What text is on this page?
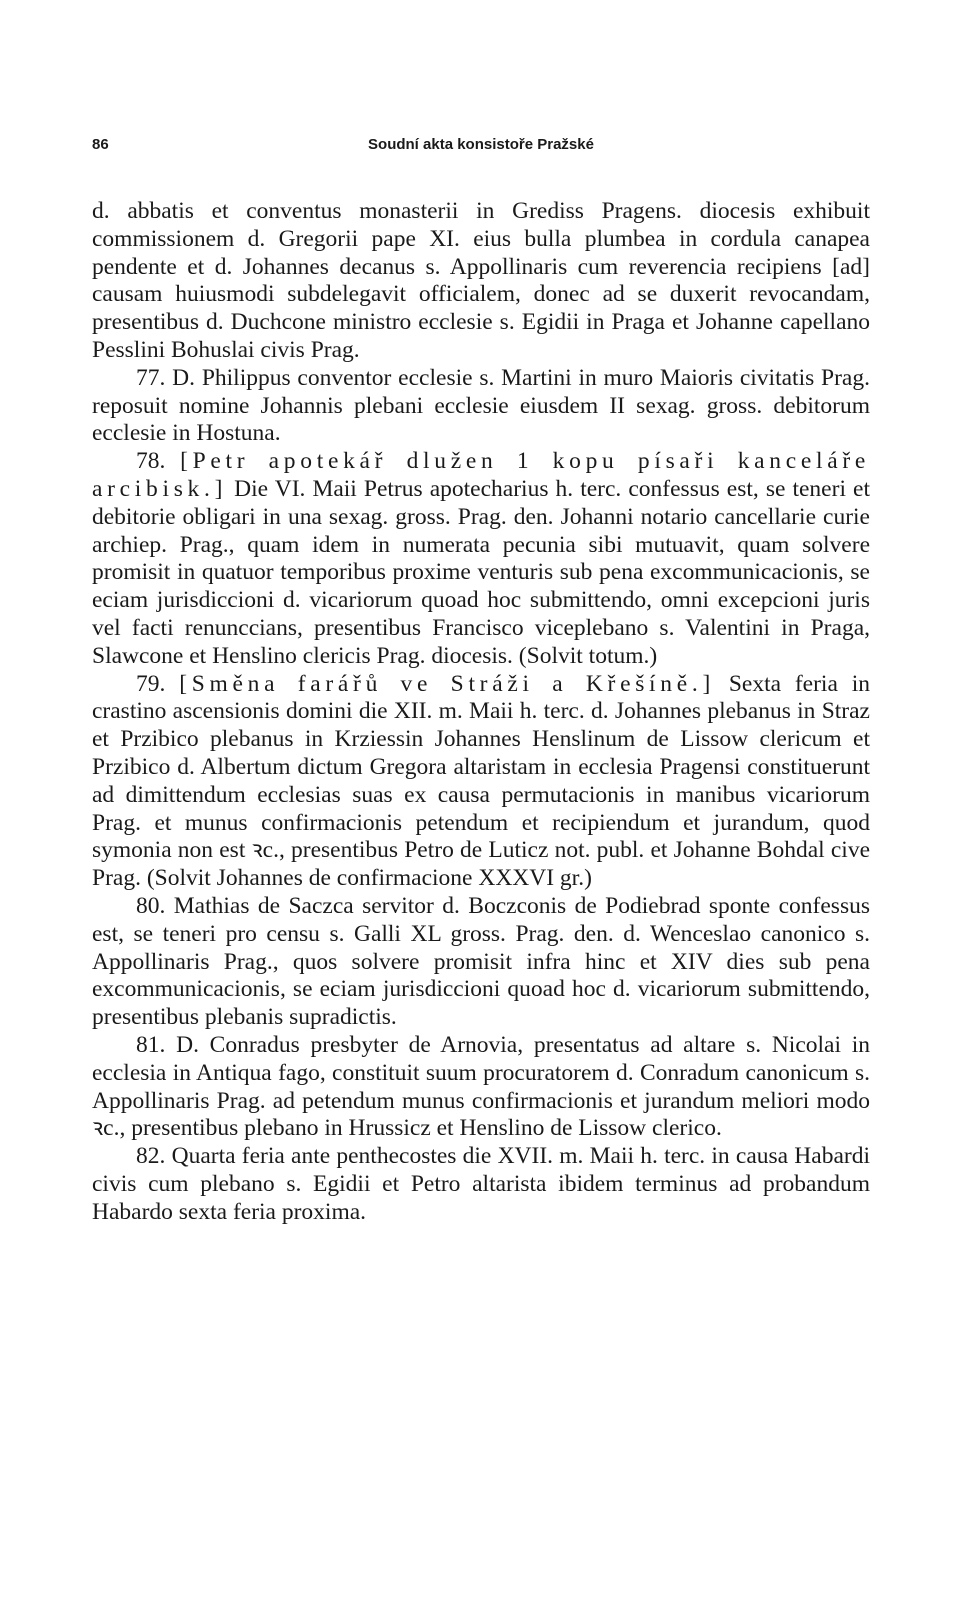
86	Soudní akta konsistoře Pražské

d. abbatis et conventus monasterii in Grediss Pragens. diocesis exhibuit commissionem d. Gregorii pape XI. eius bulla plumbea in cordula canapea pendente et d. Johannes decanus s. Appollinaris cum reverencia recipiens [ad] causam huiusmodi subdelegavit officialem, donec ad se duxerit revocandam, presentibus d. Duchcone ministro ecclesie s. Egidii in Praga et Johanne capellano Pesslini Bohuslai civis Prag.

77. D. Philippus conventor ecclesie s. Martini in muro Maioris civitatis Prag. reposuit nomine Johannis plebani ecclesie eiusdem II sexag. gross. debitorum ecclesie in Hostuna.

78. [Petr apotekář dlužen 1 kopu písaři kanceláře arcibisk.] Die VI. Maii Petrus apotecharius h. terc. confessus est, se teneri et debitorie obligari in una sexag. gross. Prag. den. Johanni notario cancellarie curie archiep. Prag., quam idem in numerata pecunia sibi mutuavit, quam solvere promisit in quatuor temporibus proxime venturis sub pena excommunicacionis, se eciam jurisdiccioni d. vicariorum quoad hoc submittendo, omni excepcioni juris vel facti renunccians, presentibus Francisco viceplebano s. Valentini in Praga, Slawcone et Henslino clericis Prag. diocesis. (Solvit totum.)

79. [Směna farářů ve Stráži a Křešíně.] Sexta feria in crastino ascensionis domini die XII. m. Maii h. terc. d. Johannes plebanus in Straz et Przibico plebanus in Krziessin Johannes Henslinum de Lissow clericum et Przibico d. Albertum dictum Gregora altaristam in ecclesia Pragensi constituerunt ad dimittendum ecclesias suas ex causa permutacionis in manibus vicariorum Prag. et munus confirmacionis petendum et recipiendum et jurandum, quod symonia non est ꝛc., presentibus Petro de Luticz not. publ. et Johanne Bohdal cive Prag. (Solvit Johannes de confirmacione XXXVI gr.)

80. Mathias de Saczca servitor d. Boczconis de Podiebrad sponte confessus est, se teneri pro censu s. Galli XL gross. Prag. den. d. Wenceslao canonico s. Appollinaris Prag., quos solvere promisit infra hinc et XIV dies sub pena excommunicacionis, se eciam jurisdiccioni quoad hoc d. vicariorum submittendo, presentibus plebanis supradictis.

81. D. Conradus presbyter de Arnovia, presentatus ad altare s. Nicolai in ecclesia in Antiqua fago, constituit suum procuratorem d. Conradum canonicum s. Appollinaris Prag. ad petendum munus confirmacionis et jurandum meliori modo ꝛc., presentibus plebano in Hrussicz et Henslino de Lissow clerico.

82. Quarta feria ante penthecostes die XVII. m. Maii h. terc. in causa Habardi civis cum plebano s. Egidii et Petro altarista ibidem terminus ad probandum Habardo sexta feria proxima.
